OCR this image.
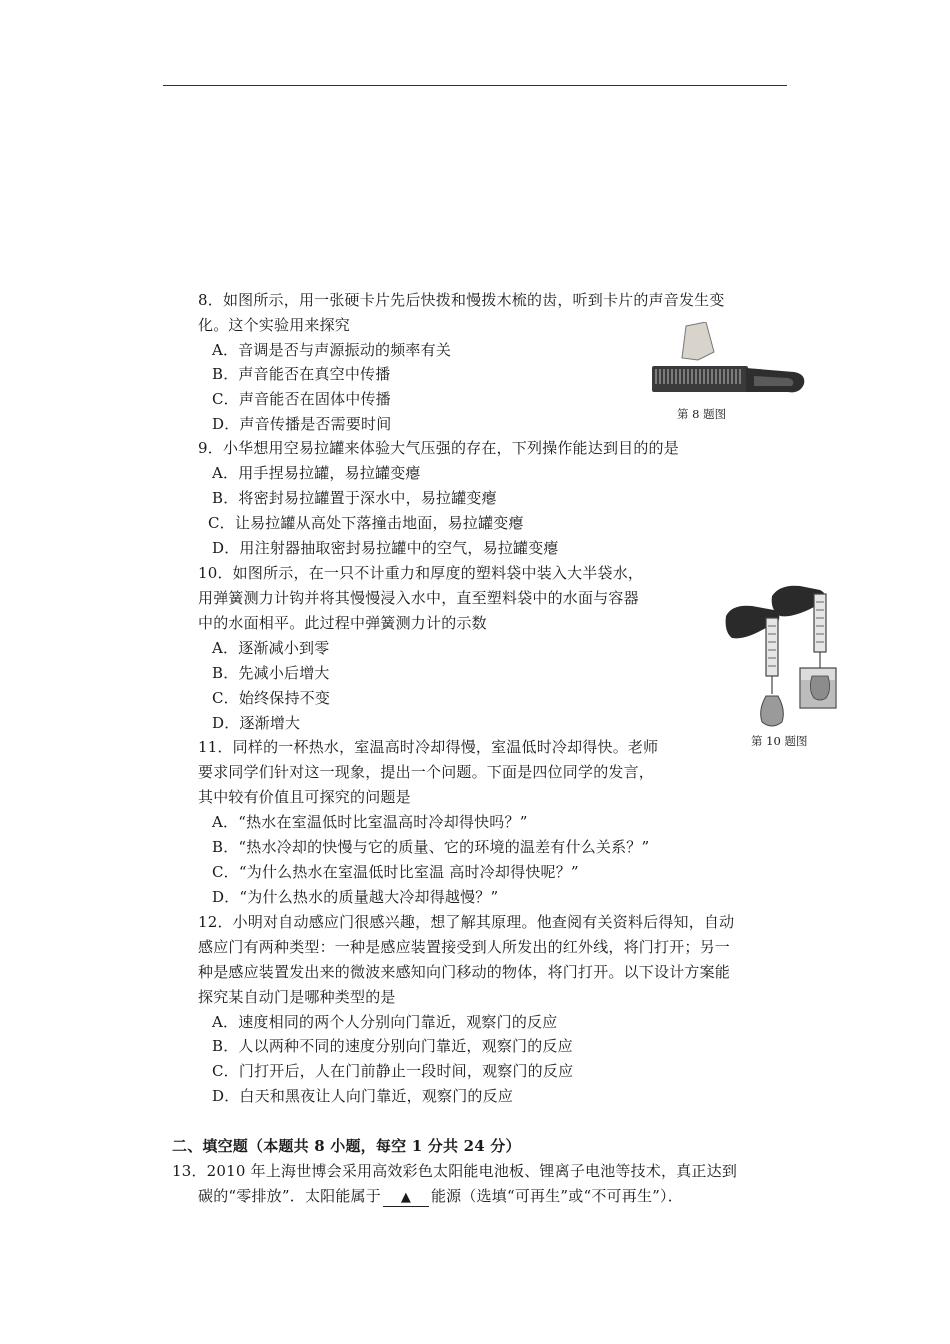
8．如图所示，用一张硬卡片先后快拨和慢拨木梳的齿，听到卡片的声音发生变
化。这个实验用来探究
A．音调是否与声源振动的频率有关
B．声音能否在真空中传播
C．声音能否在固体中传播
D．声音传播是否需要时间
第 8 题图
9．小华想用空易拉罐来体验大气压强的存在，下列操作能达到目的的是
A．用手捏易拉罐，易拉罐变瘪
B．将密封易拉罐置于深水中，易拉罐变瘪
C．让易拉罐从高处下落撞击地面，易拉罐变瘪
D．用注射器抽取密封易拉罐中的空气，易拉罐变瘪
10．如图所示，在一只不计重力和厚度的塑料袋中装入大半袋水，
用弹簧测力计钩并将其慢慢浸入水中，直至塑料袋中的水面与容器
中的水面相平。此过程中弹簧测力计的示数
A．逐渐减小到零
B．先减小后增大
C．始终保持不变
D．逐渐增大
第 10 题图
11．同样的一杯热水，室温高时冷却得慢，室温低时冷却得快。老师
要求同学们针对这一现象，提出一个问题。下面是四位同学的发言，
其中较有价值且可探究的问题是
A．“热水在室温低时比室温高时冷却得快吗？”
B．“热水冷却的快慢与它的质量、它的环境的温差有什么关系？”
C．“为什么热水在室温低时比室温 高时冷却得快呢？”
D．“为什么热水的质量越大冷却得越慢？”
12．小明对自动感应门很感兴趣，想了解其原理。他查阅有关资料后得知，自动
感应门有两种类型：一种是感应装置接受到人所发出的红外线，将门打开；另一
种是感应装置发出来的微波来感知向门移动的物体，将门打开。以下设计方案能
探究某自动门是哪种类型的是
A．速度相同的两个人分别向门靠近，观察门的反应
B．人以两种不同的速度分别向门靠近，观察门的反应
C．门打开后，人在门前静止一段时间，观察门的反应
D．白天和黑夜让人向门靠近，观察门的反应
二、填空题（本题共 8 小题，每空 1 分共 24 分）
13．2010 年上海世博会采用高效彩色太阳能电池板、锂离子电池等技术，真正达到
碳的“零排放”．太阳能属于 ▲ 能源（选填“可再生”或“不可再生”）．
